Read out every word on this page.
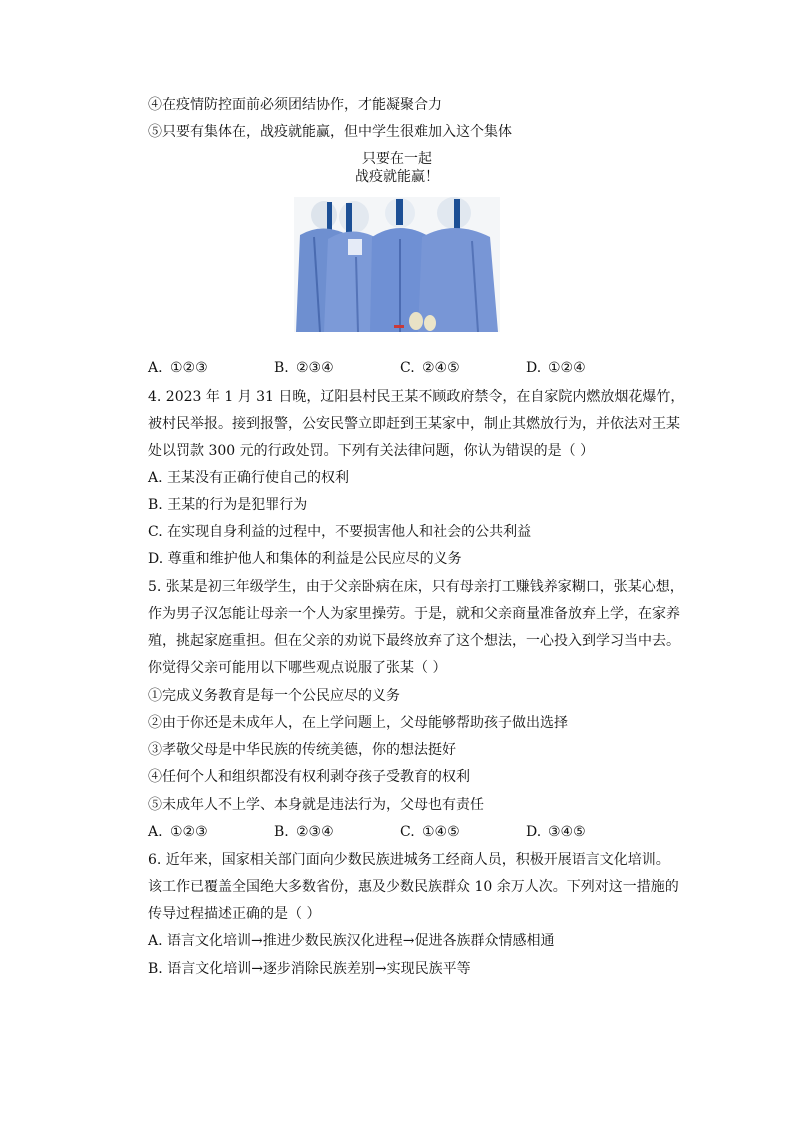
④在疫情防控面前必须团结协作，才能凝聚合力
⑤只要有集体在，战疫就能赢，但中学生很难加入这个集体
只要在一起
战疫就能赢！
A. ①②③	B. ②③④	C. ②④⑤	D. ①②④
4. 2023 年 1 月 31 日晚，辽阳县村民王某不顾政府禁令，在自家院内燃放烟花爆竹，
被村民举报。接到报警，公安民警立即赶到王某家中，制止其燃放行为，并依法对王某
处以罚款 300 元的行政处罚。下列有关法律问题，你认为错误的是（ ）
A. 王某没有正确行使自己的权利
B. 王某的行为是犯罪行为
C. 在实现自身利益的过程中，不要损害他人和社会的公共利益
D. 尊重和维护他人和集体的利益是公民应尽的义务
5. 张某是初三年级学生，由于父亲卧病在床，只有母亲打工赚钱养家糊口，张某心想，
作为男子汉怎能让母亲一个人为家里操劳。于是，就和父亲商量准备放弃上学，在家养
殖，挑起家庭重担。但在父亲的劝说下最终放弃了这个想法，一心投入到学习当中去。
你觉得父亲可能用以下哪些观点说服了张某（ ）
①完成义务教育是每一个公民应尽的义务
②由于你还是未成年人，在上学问题上，父母能够帮助孩子做出选择
③孝敬父母是中华民族的传统美德，你的想法挺好
④任何个人和组织都没有权利剥夺孩子受教育的权利
⑤未成年人不上学、本身就是违法行为，父母也有责任
A. ①②③	B. ②③④	C. ①④⑤	D. ③④⑤
6. 近年来，国家相关部门面向少数民族进城务工经商人员，积极开展语言文化培训。
该工作已覆盖全国绝大多数省份，惠及少数民族群众 10 余万人次。下列对这一措施的
传导过程描述正确的是（ ）
A. 语言文化培训→推进少数民族汉化进程→促进各族群众情感相通
B. 语言文化培训→逐步消除民族差别→实现民族平等
